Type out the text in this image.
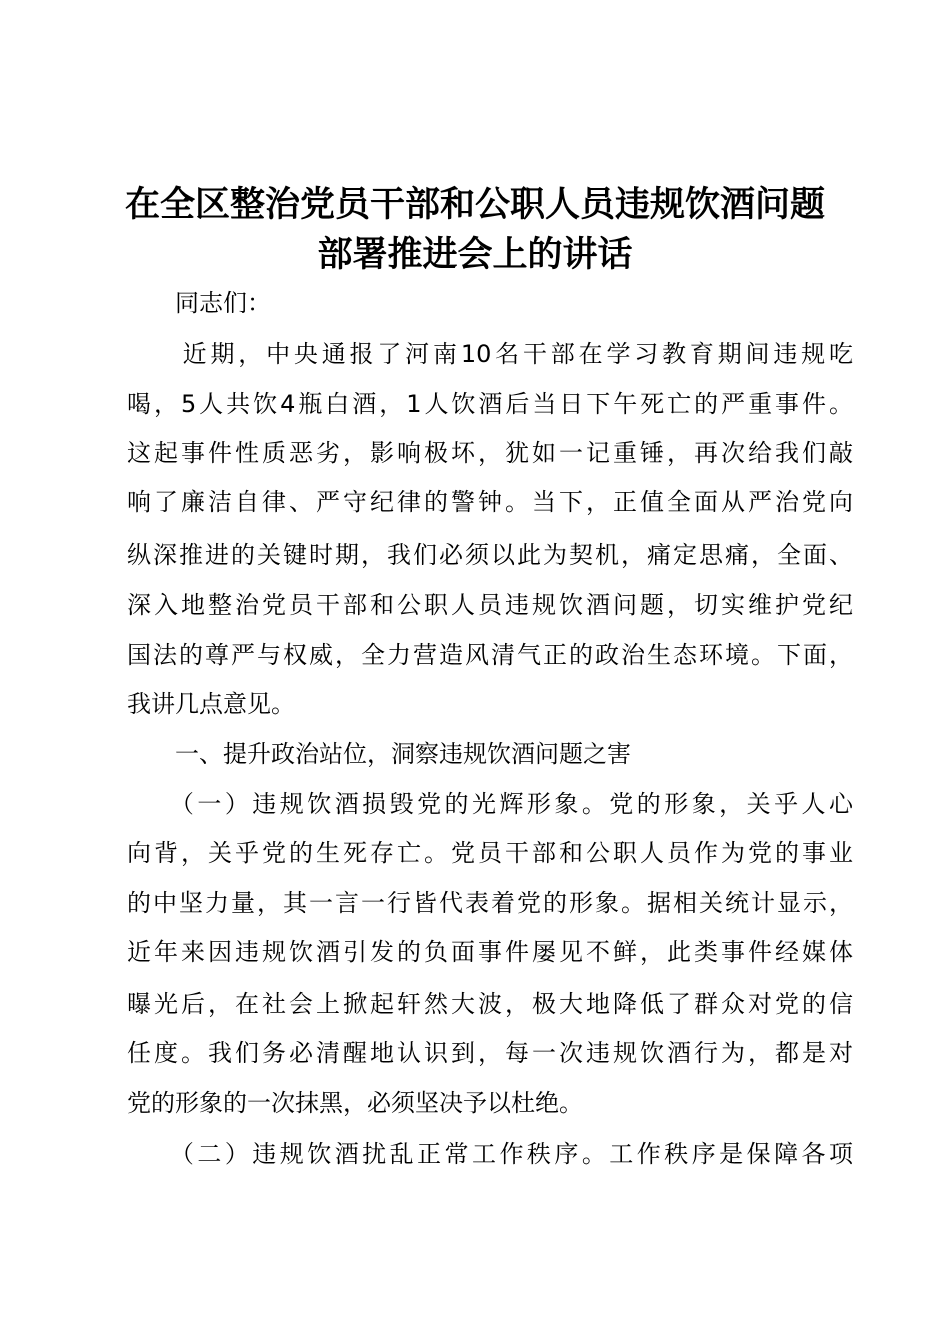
在全区整治党员干部和公职人员违规饮酒问题
部署推进会上的讲话

　　同志们：

　　近期，中央通报了河南10名干部在学习教育期间违规吃

喝，5人共饮4瓶白酒，1人饮酒后当日下午死亡的严重事件。

这起事件性质恶劣，影响极坏，犹如一记重锤，再次给我们敲

响了廉洁自律、严守纪律的警钟。当下，正值全面从严治党向

纵深推进的关键时期，我们必须以此为契机，痛定思痛，全面、

深入地整治党员干部和公职人员违规饮酒问题，切实维护党纪

国法的尊严与权威，全力营造风清气正的政治生态环境。下面，

我讲几点意见。

　　一、提升政治站位，洞察违规饮酒问题之害

　　（一）违规饮酒损毁党的光辉形象。党的形象，关乎人心

向背，关乎党的生死存亡。党员干部和公职人员作为党的事业

的中坚力量，其一言一行皆代表着党的形象。据相关统计显示，

近年来因违规饮酒引发的负面事件屡见不鲜，此类事件经媒体

曝光后，在社会上掀起轩然大波，极大地降低了群众对党的信

任度。我们务必清醒地认识到，每一次违规饮酒行为，都是对

党的形象的一次抹黑，必须坚决予以杜绝。

　　（二）违规饮酒扰乱正常工作秩序。工作秩序是保障各项
